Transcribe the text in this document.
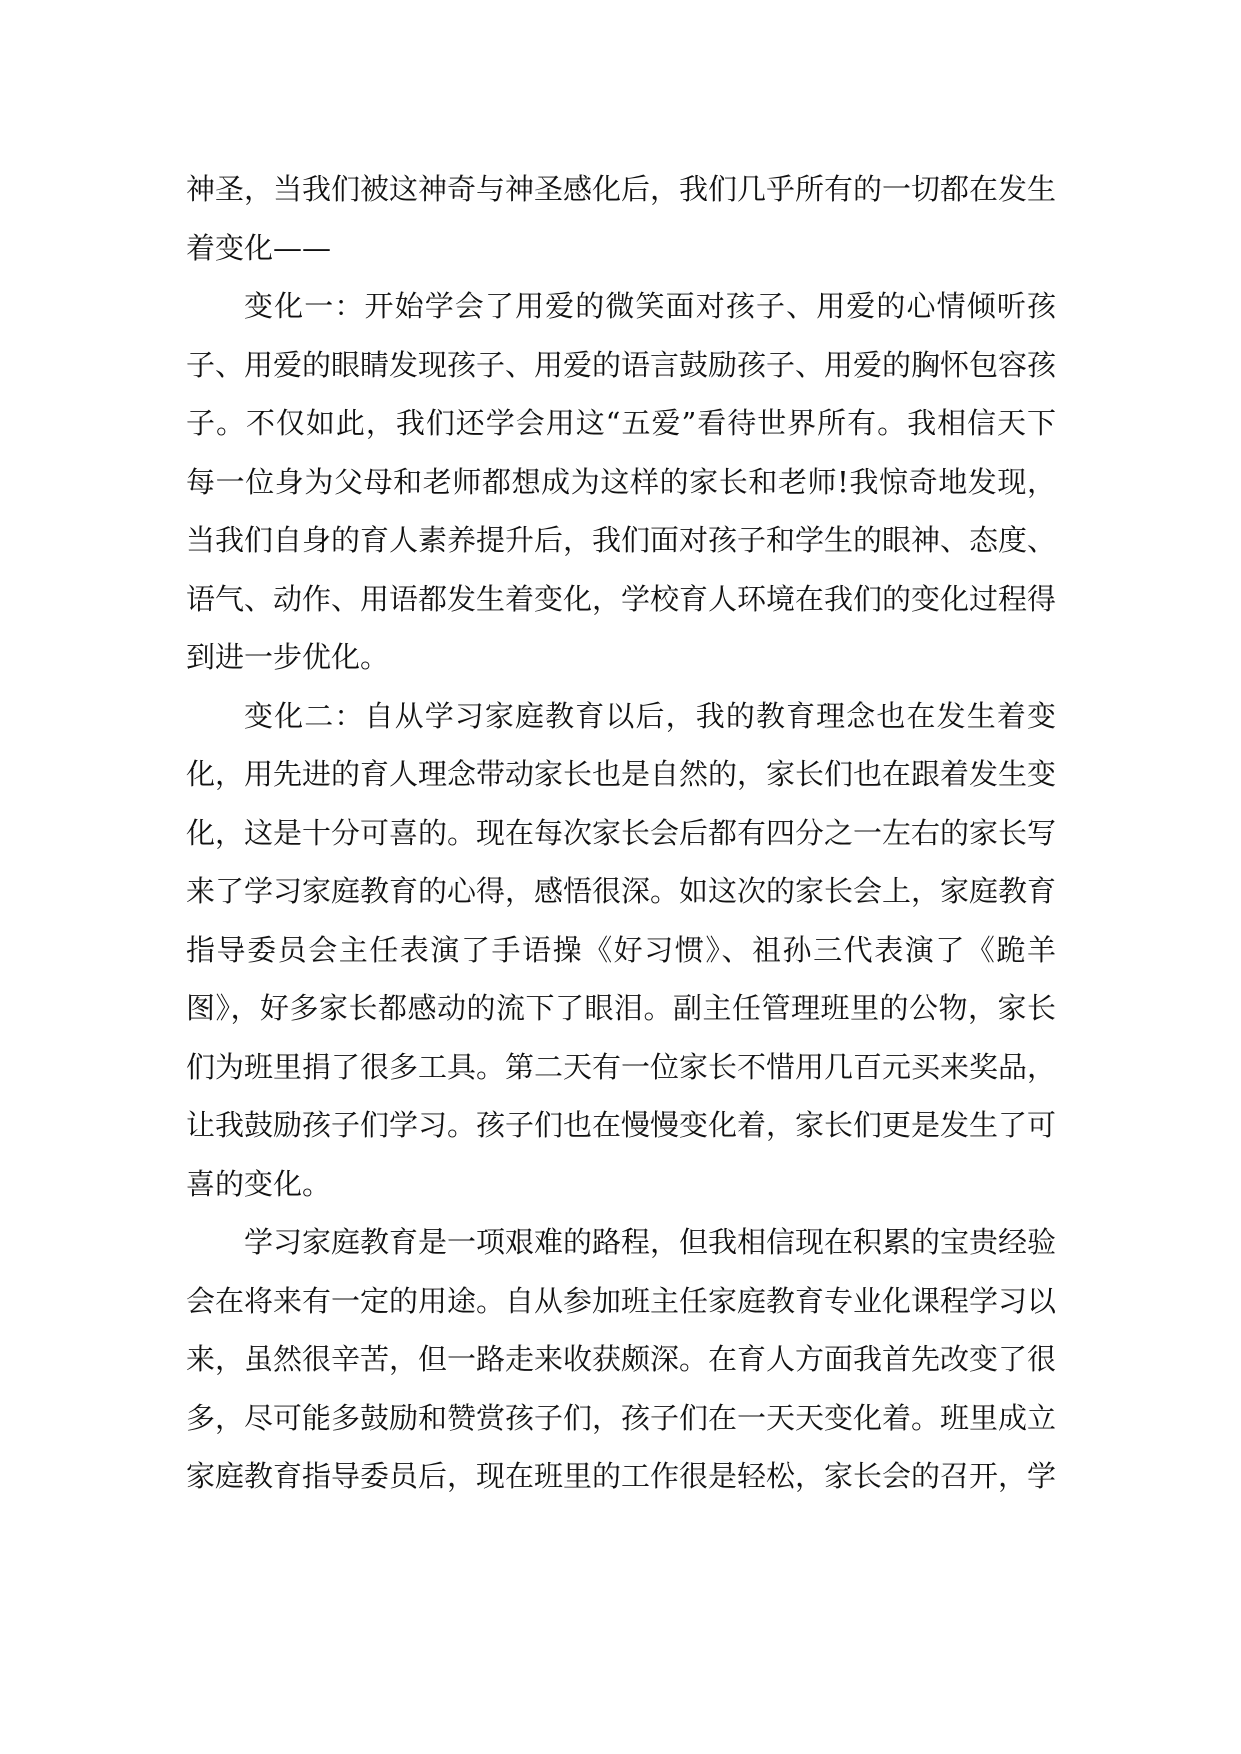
神圣，当我们被这神奇与神圣感化后，我们几乎所有的一切都在发生着变化——

变化一：开始学会了用爱的微笑面对孩子、用爱的心情倾听孩子、用爱的眼睛发现孩子、用爱的语言鼓励孩子、用爱的胸怀包容孩子。不仅如此，我们还学会用这“五爱”看待世界所有。我相信天下每一位身为父母和老师都想成为这样的家长和老师!我惊奇地发现，当我们自身的育人素养提升后，我们面对孩子和学生的眼神、态度、语气、动作、用语都发生着变化，学校育人环境在我们的变化过程得到进一步优化。

变化二：自从学习家庭教育以后，我的教育理念也在发生着变化，用先进的育人理念带动家长也是自然的，家长们也在跟着发生变化，这是十分可喜的。现在每次家长会后都有四分之一左右的家长写来了学习家庭教育的心得，感悟很深。如这次的家长会上，家庭教育指导委员会主任表演了手语操《好习惯》、祖孙三代表演了《跪羊图》，好多家长都感动的流下了眼泪。副主任管理班里的公物，家长们为班里捐了很多工具。第二天有一位家长不惜用几百元买来奖品，让我鼓励孩子们学习。孩子们也在慢慢变化着，家长们更是发生了可喜的变化。

学习家庭教育是一项艰难的路程，但我相信现在积累的宝贵经验会在将来有一定的用途。自从参加班主任家庭教育专业化课程学习以来，虽然很辛苦，但一路走来收获颇深。在育人方面我首先改变了很多，尽可能多鼓励和赞赏孩子们，孩子们在一天天变化着。班里成立家庭教育指导委员后，现在班里的工作很是轻松，家长会的召开，学
